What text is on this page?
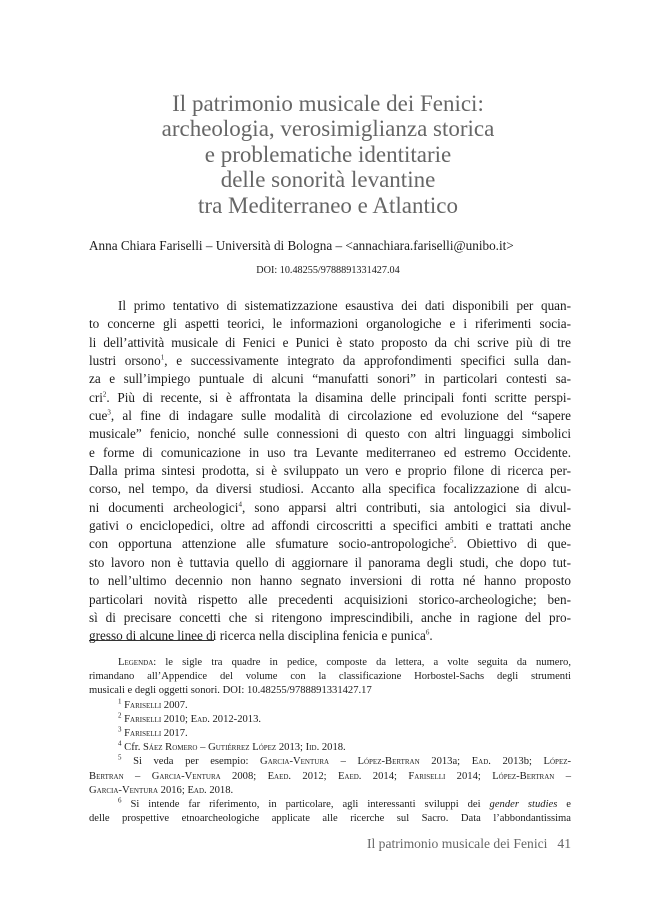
Il patrimonio musicale dei Fenici:
archeologia, verosimiglianza storica
e problematiche identitarie
delle sonorità levantine
tra Mediterraneo e Atlantico
Anna Chiara Fariselli – Università di Bologna – <annachiara.fariselli@unibo.it>
DOI: 10.48255/9788891331427.04
Il primo tentativo di sistematizzazione esaustiva dei dati disponibili per quan-
to concerne gli aspetti teorici, le informazioni organologiche e i riferimenti socia-
li dell’attività musicale di Fenici e Punici è stato proposto da chi scrive più di tre
lustri orsono$^1$, e successivamente integrato da approfondimenti specifici sulla dan-
za e sull’impiego puntuale di alcuni “manufatti sonori” in particolari contesti sa-
cri$^2$. Più di recente, si è affrontata la disamina delle principali fonti scritte perspi-
cue$^3$, al fine di indagare sulle modalità di circolazione ed evoluzione del “sapere
musicale” fenicio, nonché sulle connessioni di questo con altri linguaggi simbolici
e forme di comunicazione in uso tra Levante mediterraneo ed estremo Occidente.
Dalla prima sintesi prodotta, si è sviluppato un vero e proprio filone di ricerca per-
corso, nel tempo, da diversi studiosi. Accanto alla specifica focalizzazione di alcu-
ni documenti archeologici$^4$, sono apparsi altri contributi, sia antologici sia divul-
gativi o enciclopedici, oltre ad affondi circoscritti a specifici ambiti e trattati anche
con opportuna attenzione alle sfumature socio-antropologiche$^5$. Obiettivo di que-
sto lavoro non è tuttavia quello di aggiornare il panorama degli studi, che dopo tut-
to nell’ultimo decennio non hanno segnato inversioni di rotta né hanno proposto
particolari novità rispetto alle precedenti acquisizioni storico-archeologiche; ben-
sì di precisare concetti che si ritengono imprescindibili, anche in ragione del pro-
gresso di alcune linee di ricerca nella disciplina fenicia e punica$^6$.
Legenda: le sigle tra quadre in pedice, composte da lettera, a volte seguita da numero,
rimandano all’Appendice del volume con la classificazione Horbostel-Sachs degli strumenti
musicali e degli oggetti sonori. DOI: 10.48255/9788891331427.17
$^1$ Fariselli 2007.
$^2$ Fariselli 2010; Ead. 2012-2013.
$^3$ Fariselli 2017.
$^4$ Cfr. Sáez Romero – Gutiérrez López 2013; Iid. 2018.
$^5$ Si veda per esempio: Garcia-Ventura – López-Bertran 2013a; Ead. 2013b; López-
Bertran – Garcia-Ventura 2008; Eaed. 2012; Eaed. 2014; Fariselli 2014; López-Bertran –
Garcia-Ventura 2016; Ead. 2018.
$^6$ Si intende far riferimento, in particolare, agli interessanti sviluppi dei gender studies e
delle prospettive etnoarcheologiche applicate alle ricerche sul Sacro. Data l’abbondantissima
Il patrimonio musicale dei Fenici 41
